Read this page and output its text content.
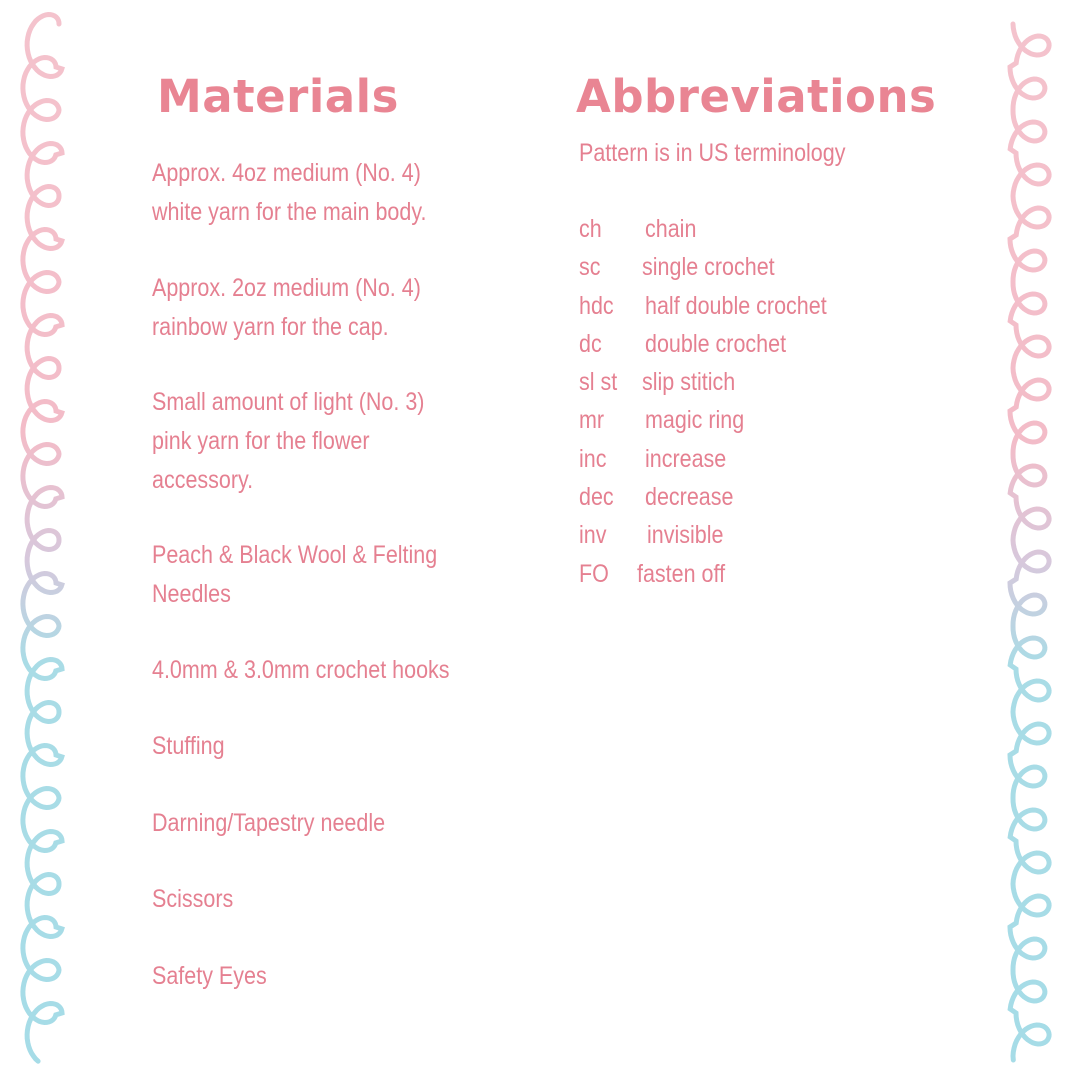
Materials	Abbreviations

Approx. 4oz medium (No. 4)
white yarn for the main body.

Approx. 2oz medium (No. 4)
rainbow yarn for the cap.

Small amount of light (No. 3)
pink yarn for the flower
accessory.

Peach & Black Wool & Felting
Needles

4.0mm & 3.0mm crochet hooks

Stuffing

Darning/Tapestry needle

Scissors

Safety Eyes

Pattern is in US terminology

ch chain
sc single crochet
hdc half double crochet
dc double crochet
sl st slip stitich
mr magic ring
inc increase
dec decrease
inv invisible
FO fasten off
